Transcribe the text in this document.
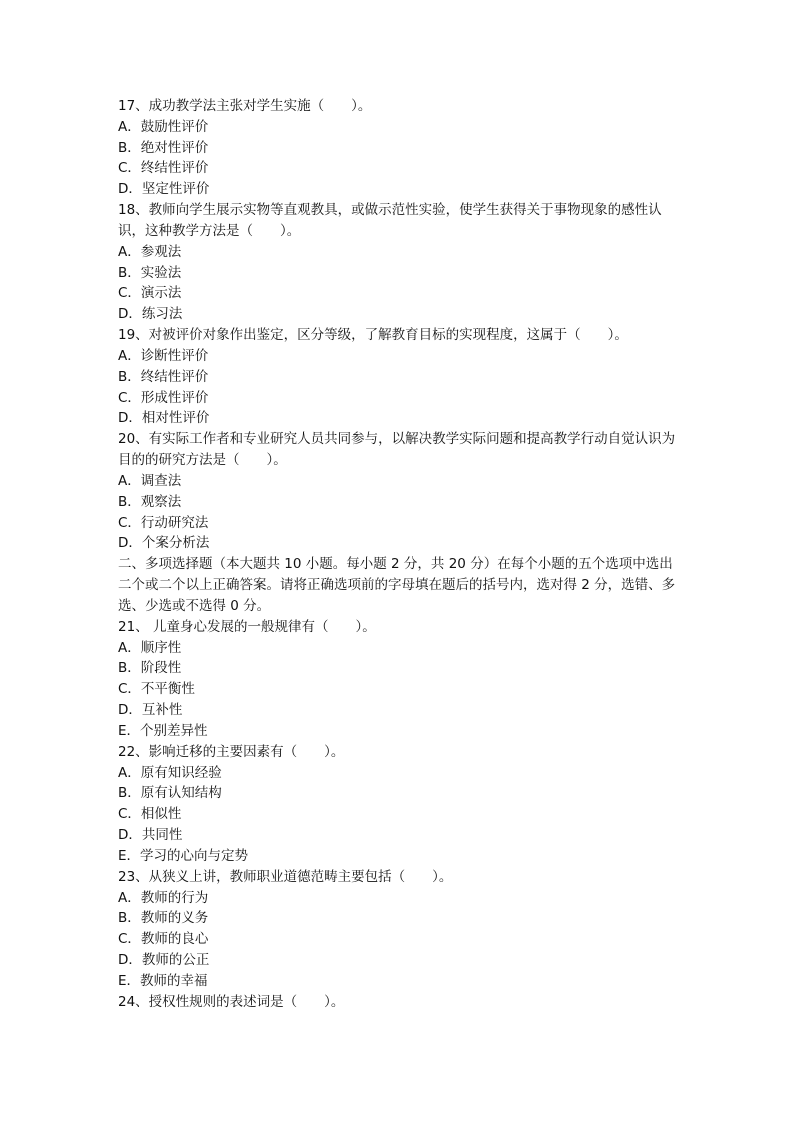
17、成功教学法主张对学生实施（　　）。
A．鼓励性评价
B．绝对性评价
C．终结性评价
D．坚定性评价
18、教师向学生展示实物等直观教具，或做示范性实验，使学生获得关于事物现象的感性认识，这种教学方法是（　　）。
A．参观法
B．实验法
C．演示法
D．练习法
19、对被评价对象作出鉴定，区分等级，了解教育目标的实现程度，这属于（　　）。
A．诊断性评价
B．终结性评价
C．形成性评价
D．相对性评价
20、有实际工作者和专业研究人员共同参与，以解决教学实际问题和提高教学行动自觉认识为目的的研究方法是（　　）。
A．调查法
B．观察法
C．行动研究法
D．个案分析法
二、多项选择题（本大题共 10 小题。每小题 2 分，共 20 分）在每个小题的五个选项中选出二个或二个以上正确答案。请将正确选项前的字母填在题后的括号内，选对得 2 分，选错、多选、少选或不选得 0 分。
21、 儿童身心发展的一般规律有（　　）。
A．顺序性
B．阶段性
C．不平衡性
D．互补性
E．个别差异性
22、影响迁移的主要因素有（　　）。
A．原有知识经验
B．原有认知结构
C．相似性
D．共同性
E．学习的心向与定势
23、从狭义上讲，教师职业道德范畴主要包括（　　）。
A．教师的行为
B．教师的义务
C．教师的良心
D．教师的公正
E．教师的幸福
24、授权性规则的表述词是（　　）。
